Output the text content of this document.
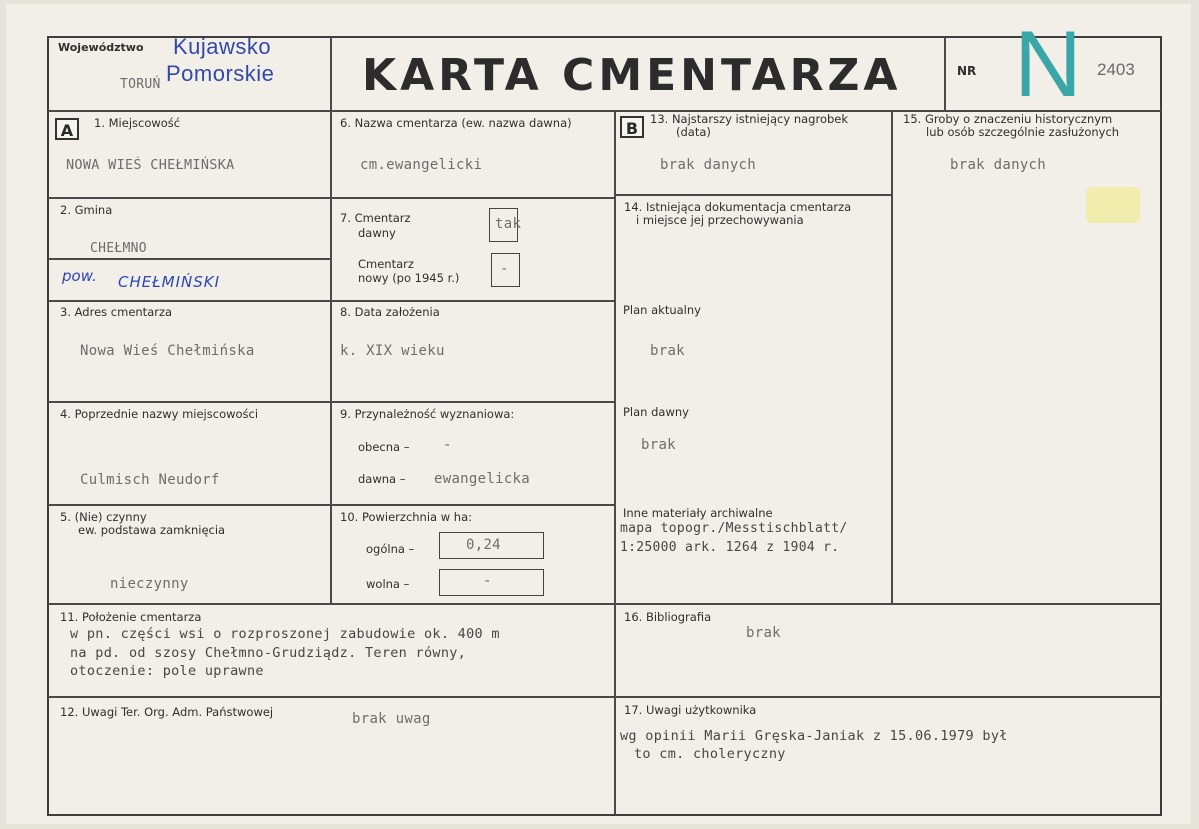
Województwo
TORUŃ
Kujawsko
Pomorskie KARTA CMENTARZA	NR N 2403
A	B
1. Miejscowość
NOWA WIEŚ CHEŁMIŃSKA
2. Gmina
CHEŁMNO
pow. CHEŁMIŃSKI
3. Adres cmentarza
Nowa Wieś Chełmińska
4. Poprzednie nazwy miejscowości
Culmisch Neudorf
5. (Nie) czynny
ew. podstawa zamknięcia
nieczynny
6. Nazwa cmentarza (ew. nazwa dawna)
cm.ewangelicki
7. Cmentarz
dawny
tak
Cmentarz
nowy (po 1945 r.)
-
8. Data założenia
k. XIX wieku
9. Przynależność wyznaniowa:
obecna – -
dawna – ewangelicka
10. Powierzchnia w ha:
ogólna –	0,24
wolna –	-
13. Najstarszy istniejący nagrobek
(data)
brak danych
14. Istniejąca dokumentacja cmentarza
i miejsce jej przechowywania
Plan aktualny
brak
Plan dawny
brak
Inne materiały archiwalne
mapa topogr./Messtischblatt/
1:25000 ark. 1264 z 1904 r.
15. Groby o znaczeniu historycznym
lub osób szczególnie zasłużonych
brak danych
11. Położenie cmentarza
w pn. części wsi o rozproszonej zabudowie ok. 400 m
na pd. od szosy Chełmno-Grudziądz. Teren równy,
otoczenie: pole uprawne
16. Bibliografia
brak
12. Uwagi Ter. Org. Adm. Państwowej	brak uwag
17. Uwagi użytkownika
wg opinii Marii Gręska-Janiak z 15.06.1979 był
to cm. choleryczny
